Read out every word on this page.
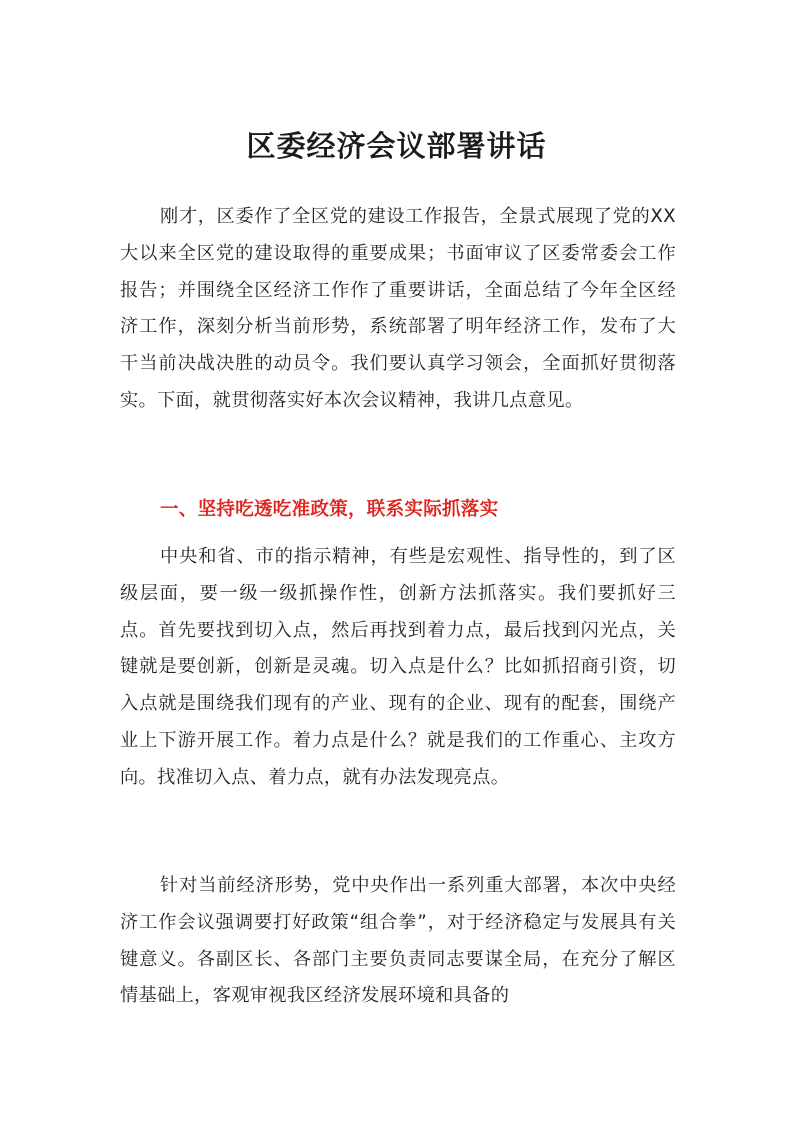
区委经济会议部署讲话

刚才，区委作了全区党的建设工作报告，全景式展现了党的XX大以来全区党的建设取得的重要成果；书面审议了区委常委会工作报告；并围绕全区经济工作作了重要讲话，全面总结了今年全区经济工作，深刻分析当前形势，系统部署了明年经济工作，发布了大干当前决战决胜的动员令。我们要认真学习领会，全面抓好贯彻落实。下面，就贯彻落实好本次会议精神，我讲几点意见。

一、坚持吃透吃准政策，联系实际抓落实

中央和省、市的指示精神，有些是宏观性、指导性的，到了区级层面，要一级一级抓操作性，创新方法抓落实。我们要抓好三点。首先要找到切入点，然后再找到着力点，最后找到闪光点，关键就是要创新，创新是灵魂。切入点是什么？比如抓招商引资，切入点就是围绕我们现有的产业、现有的企业、现有的配套，围绕产业上下游开展工作。着力点是什么？就是我们的工作重心、主攻方向。找准切入点、着力点，就有办法发现亮点。

针对当前经济形势，党中央作出一系列重大部署，本次中央经济工作会议强调要打好政策“组合拳”，对于经济稳定与发展具有关键意义。各副区长、各部门主要负责同志要谋全局，在充分了解区情基础上，客观审视我区经济发展环境和具备的
